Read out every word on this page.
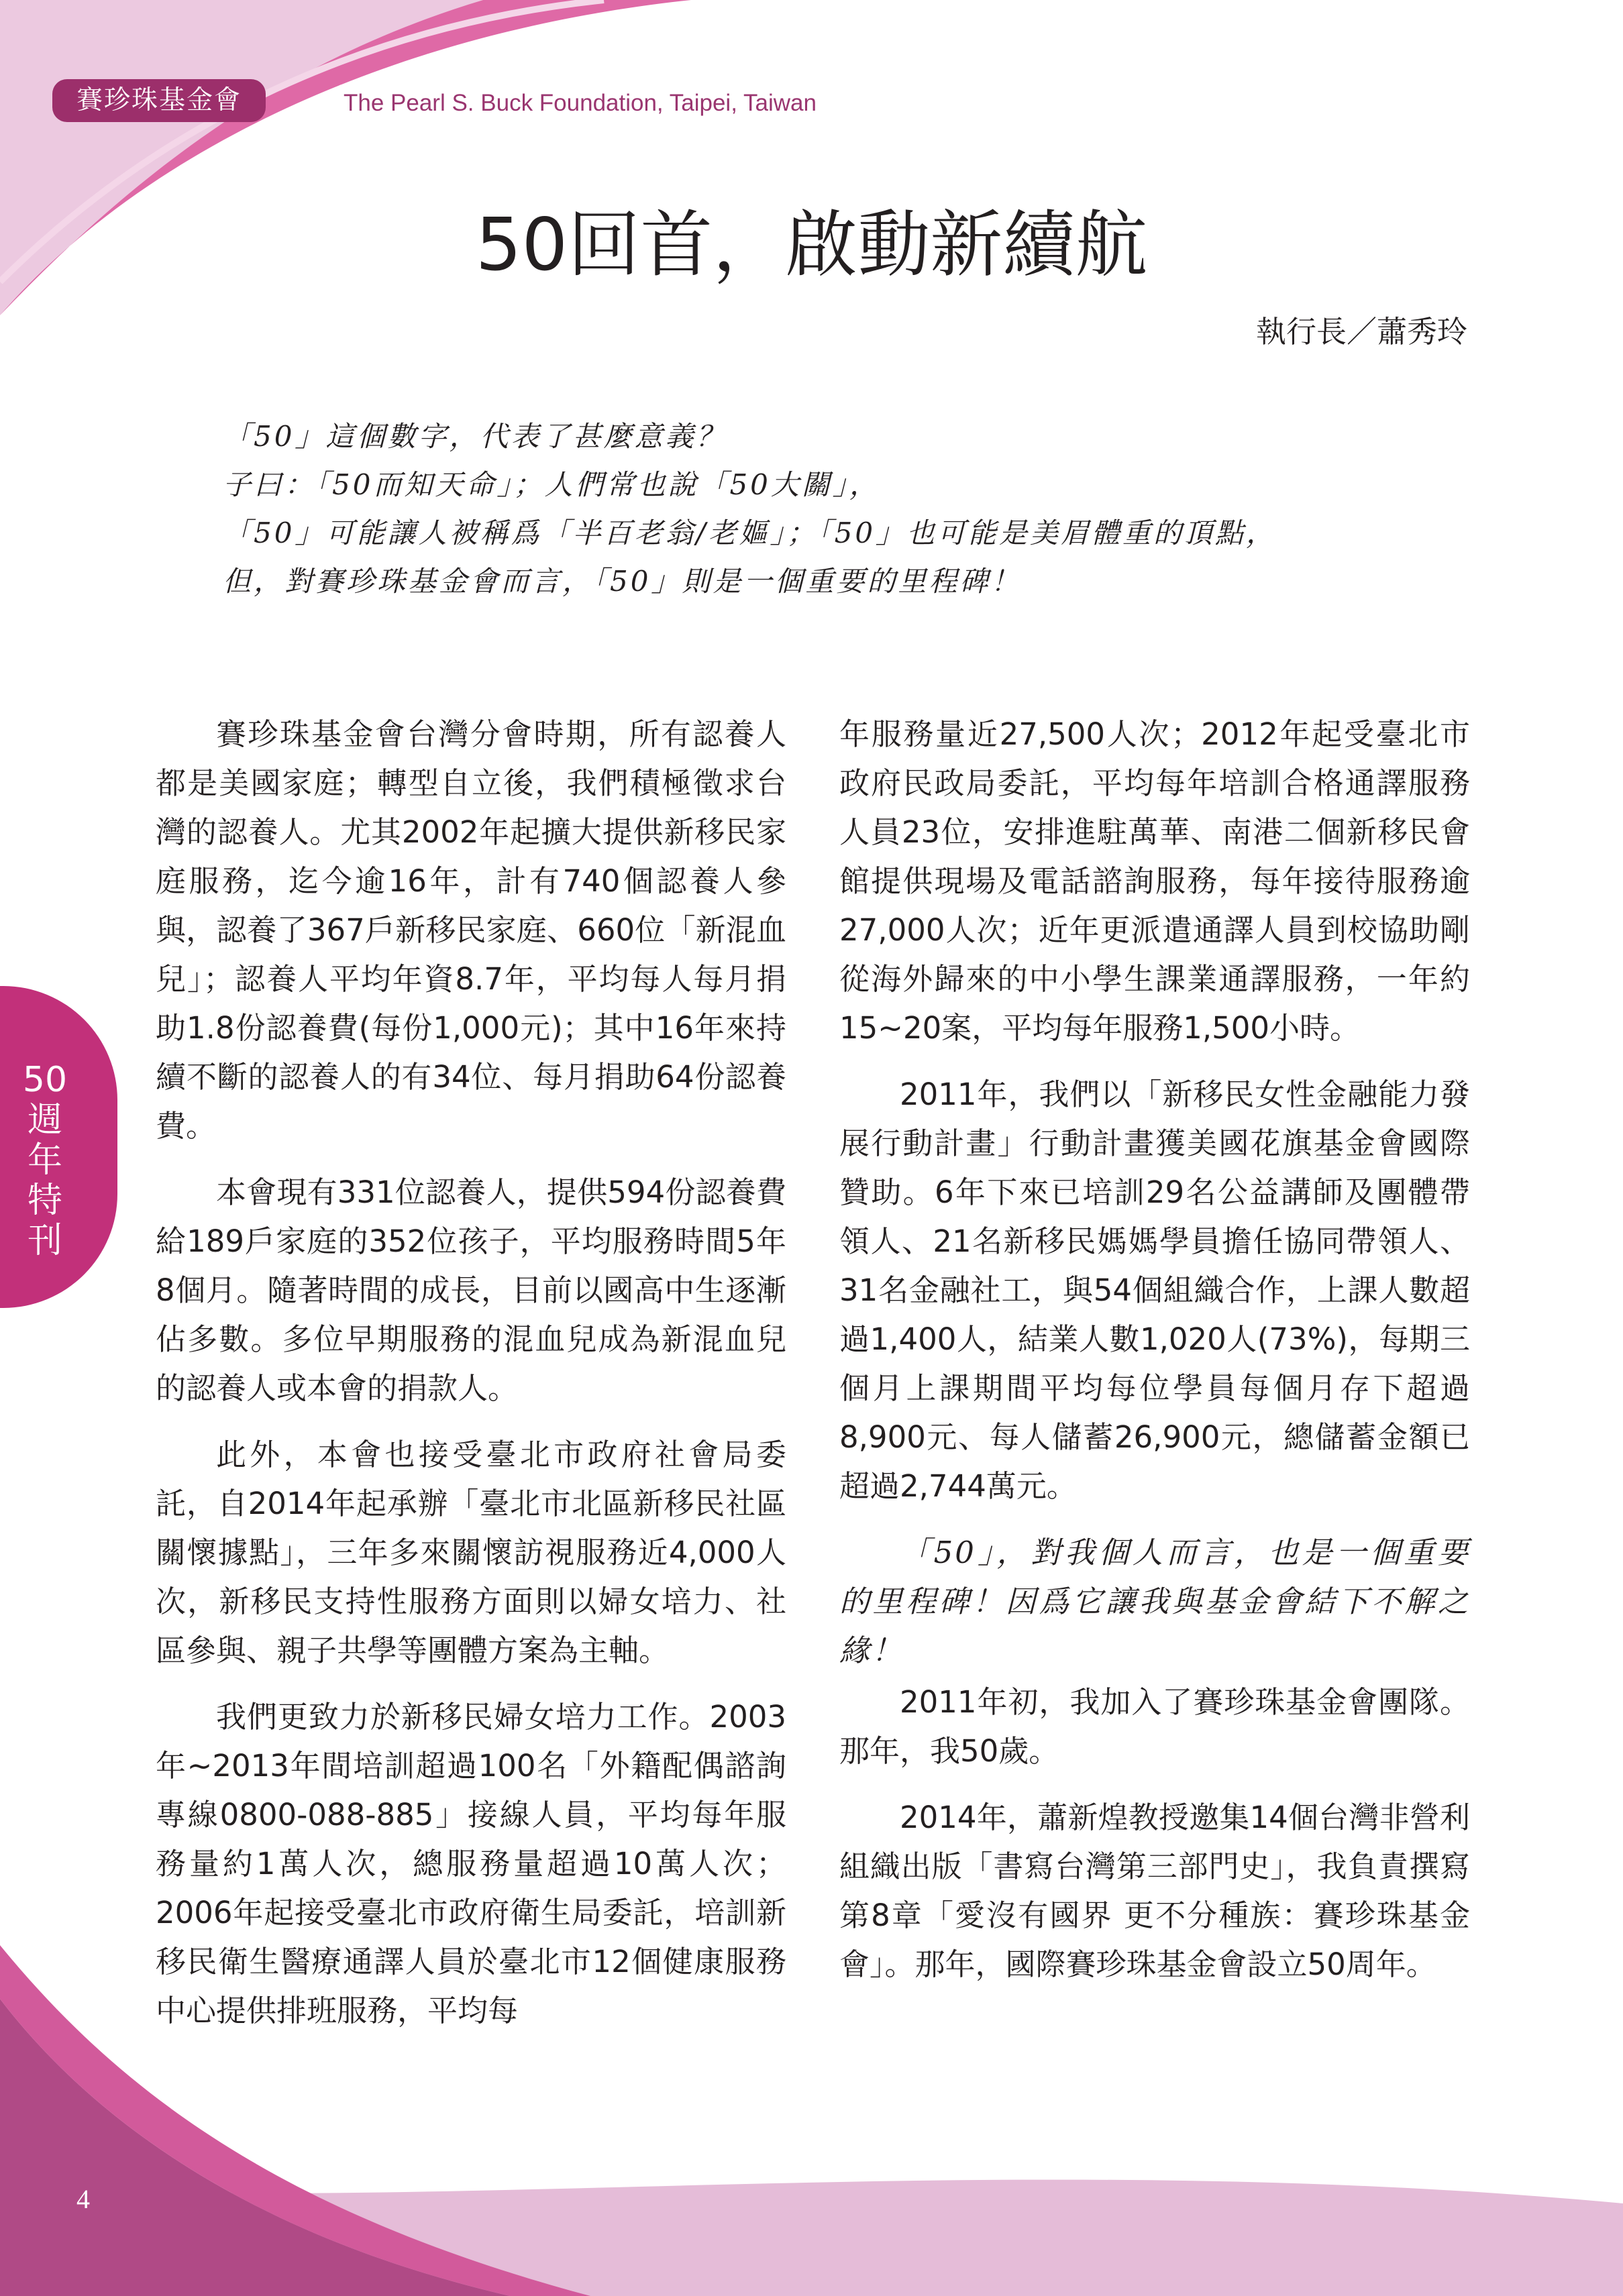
賽珍珠基金會	The Pearl S. Buck Foundation, Taipei, Taiwan
50回首，啟動新續航
執行長／蕭秀玲

「50」這個數字，代表了甚麼意義？

子曰：「50而知天命」；人們常也說「50大關」，

「50」可能讓人被稱爲「半百老翁/老嫗」；「50」也可能是美眉體重的頂點，

但，對賽珍珠基金會而言，「50」則是一個重要的里程碑！

賽珍珠基金會台灣分會時期，所有認養人都是美國家庭；轉型自立後，我們積極徵求台灣的認養人。尤其2002年起擴大提供新移民家庭服務，迄今逾16年，計有740個認養人參與，認養了367戶新移民家庭、660位「新混血兒」；認養人平均年資8.7年，平均每人每月捐助1.8份認養費(每份1,000元)；其中16年來持續不斷的認養人的有34位、每月捐助64份認養費。

本會現有331位認養人，提供594份認養費給189戶家庭的352位孩子，平均服務時間5年8個月。隨著時間的成長，目前以國高中生逐漸佔多數。多位早期服務的混血兒成為新混血兒的認養人或本會的捐款人。

此外，本會也接受臺北市政府社會局委託，自2014年起承辦「臺北市北區新移民社區關懷據點」，三年多來關懷訪視服務近4,000人次，新移民支持性服務方面則以婦女培力、社區參與、親子共學等團體方案為主軸。

我們更致力於新移民婦女培力工作。2003年~2013年間培訓超過100名「外籍配偶諮詢專線0800-088-885」接線人員，平均每年服務量約1萬人次，總服務量超過10萬人次；2006年起接受臺北市政府衛生局委託，培訓新移民衛生醫療通譯人員於臺北市12個健康服務中心提供排班服務，平均每

年服務量近27,500人次；2012年起受臺北市政府民政局委託，平均每年培訓合格通譯服務人員23位，安排進駐萬華、南港二個新移民會館提供現場及電話諮詢服務，每年接待服務逾27,000人次；近年更派遣通譯人員到校協助剛從海外歸來的中小學生課業通譯服務，一年約15~20案，平均每年服務1,500小時。

2011年，我們以「新移民女性金融能力發展行動計畫」行動計畫獲美國花旗基金會國際贊助。6年下來已培訓29名公益講師及團體帶領人、21名新移民媽媽學員擔任協同帶領人、31名金融社工，與54個組織合作，上課人數超過1,400人，結業人數1,020人(73%)，每期三個月上課期間平均每位學員每個月存下超過8,900元、每人儲蓄26,900元，總儲蓄金額已超過2,744萬元。

「50」，對我個人而言，也是一個重要的里程碑！因爲它讓我與基金會結下不解之緣！

2011年初，我加入了賽珍珠基金會團隊。那年，我50歲。

2014年，蕭新煌教授邀集14個台灣非營利組織出版「書寫台灣第三部門史」，我負責撰寫第8章「愛沒有國界 更不分種族：賽珍珠基金會」。那年，國際賽珍珠基金會設立50周年。

50週年特刊
4
